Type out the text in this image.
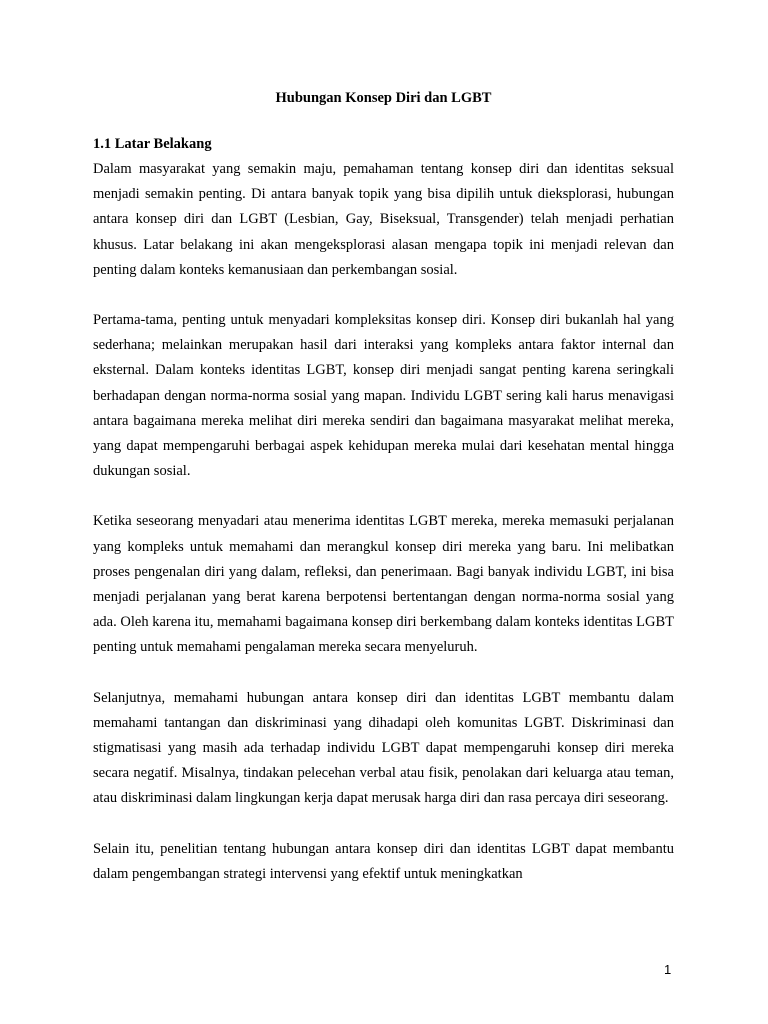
Hubungan Konsep Diri dan LGBT
1.1 Latar Belakang

Dalam masyarakat yang semakin maju, pemahaman tentang konsep diri dan identitas seksual menjadi semakin penting. Di antara banyak topik yang bisa dipilih untuk dieksplorasi, hubungan antara konsep diri dan LGBT (Lesbian, Gay, Biseksual, Transgender) telah menjadi perhatian khusus. Latar belakang ini akan mengeksplorasi alasan mengapa topik ini menjadi relevan dan penting dalam konteks kemanusiaan dan perkembangan sosial.

Pertama-tama, penting untuk menyadari kompleksitas konsep diri. Konsep diri bukanlah hal yang sederhana; melainkan merupakan hasil dari interaksi yang kompleks antara faktor internal dan eksternal. Dalam konteks identitas LGBT, konsep diri menjadi sangat penting karena seringkali berhadapan dengan norma-norma sosial yang mapan. Individu LGBT sering kali harus menavigasi antara bagaimana mereka melihat diri mereka sendiri dan bagaimana masyarakat melihat mereka, yang dapat mempengaruhi berbagai aspek kehidupan mereka mulai dari kesehatan mental hingga dukungan sosial.

Ketika seseorang menyadari atau menerima identitas LGBT mereka, mereka memasuki perjalanan yang kompleks untuk memahami dan merangkul konsep diri mereka yang baru. Ini melibatkan proses pengenalan diri yang dalam, refleksi, dan penerimaan. Bagi banyak individu LGBT, ini bisa menjadi perjalanan yang berat karena berpotensi bertentangan dengan norma-norma sosial yang ada. Oleh karena itu, memahami bagaimana konsep diri berkembang dalam konteks identitas LGBT penting untuk memahami pengalaman mereka secara menyeluruh.

Selanjutnya, memahami hubungan antara konsep diri dan identitas LGBT membantu dalam memahami tantangan dan diskriminasi yang dihadapi oleh komunitas LGBT. Diskriminasi dan stigmatisasi yang masih ada terhadap individu LGBT dapat mempengaruhi konsep diri mereka secara negatif. Misalnya, tindakan pelecehan verbal atau fisik, penolakan dari keluarga atau teman, atau diskriminasi dalam lingkungan kerja dapat merusak harga diri dan rasa percaya diri seseorang.

Selain itu, penelitian tentang hubungan antara konsep diri dan identitas LGBT dapat membantu dalam pengembangan strategi intervensi yang efektif untuk meningkatkan

1
